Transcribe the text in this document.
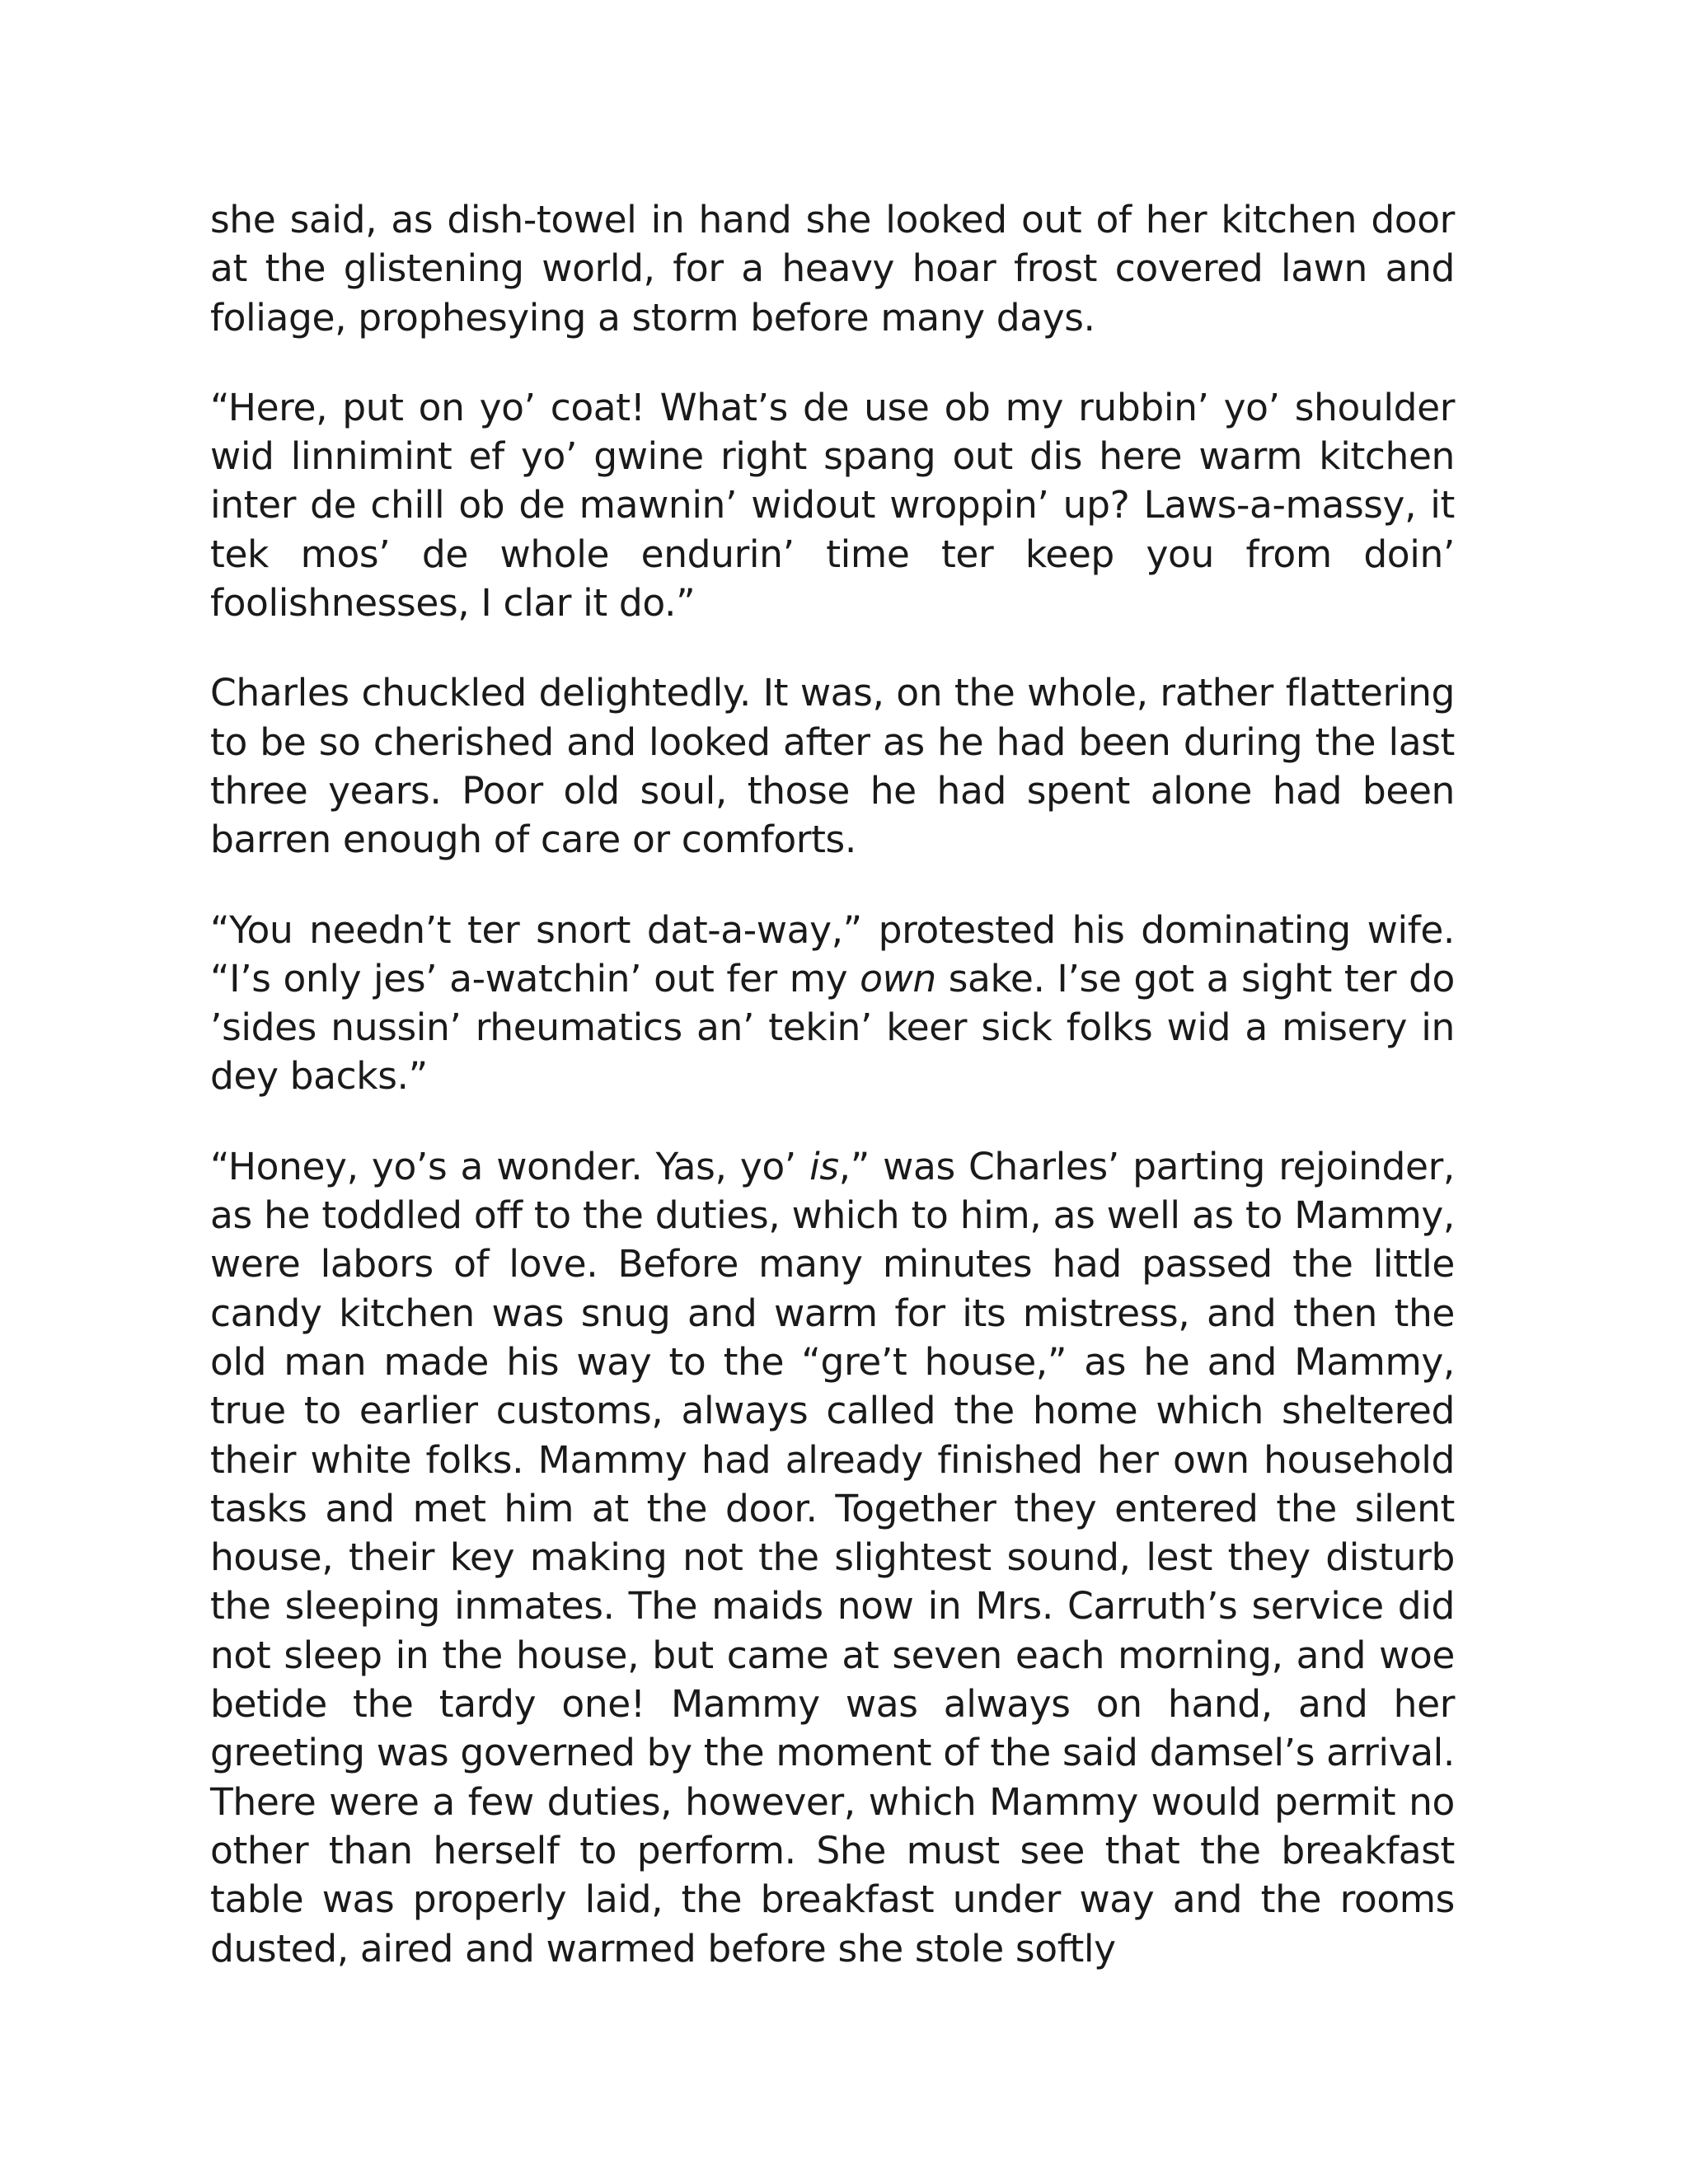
she said, as dish-towel in hand she looked out of her kitchen door at the glistening world, for a heavy hoar frost covered lawn and foliage, prophesying a storm before many days.

“Here, put on yo’ coat! What’s de use ob my rubbin’ yo’ shoulder wid linnimint ef yo’ gwine right spang out dis here warm kitchen inter de chill ob de mawnin’ widout wroppin’ up? Laws-a-massy, it tek mos’ de whole endurin’ time ter keep you from doin’ foolishnesses, I clar it do.”

Charles chuckled delightedly. It was, on the whole, rather flattering to be so cherished and looked after as he had been during the last three years. Poor old soul, those he had spent alone had been barren enough of care or comforts.

“You needn’t ter snort dat-a-way,” protested his dominating wife. “I’s only jes’ a-watchin’ out fer my own sake. I’se got a sight ter do ’sides nussin’ rheumatics an’ tekin’ keer sick folks wid a misery in dey backs.”

“Honey, yo’s a wonder. Yas, yo’ is,” was Charles’ parting rejoinder, as he toddled off to the duties, which to him, as well as to Mammy, were labors of love. Before many minutes had passed the little candy kitchen was snug and warm for its mistress, and then the old man made his way to the “gre’t house,” as he and Mammy, true to earlier customs, always called the home which sheltered their white folks. Mammy had already finished her own household tasks and met him at the door. Together they entered the silent house, their key making not the slightest sound, lest they disturb the sleeping inmates. The maids now in Mrs. Carruth’s service did not sleep in the house, but came at seven each morning, and woe betide the tardy one! Mammy was always on hand, and her greeting was governed by the moment of the said damsel’s arrival. There were a few duties, however, which Mammy would permit no other than herself to perform. She must see that the breakfast table was properly laid, the breakfast under way and the rooms dusted, aired and warmed before she stole softly
